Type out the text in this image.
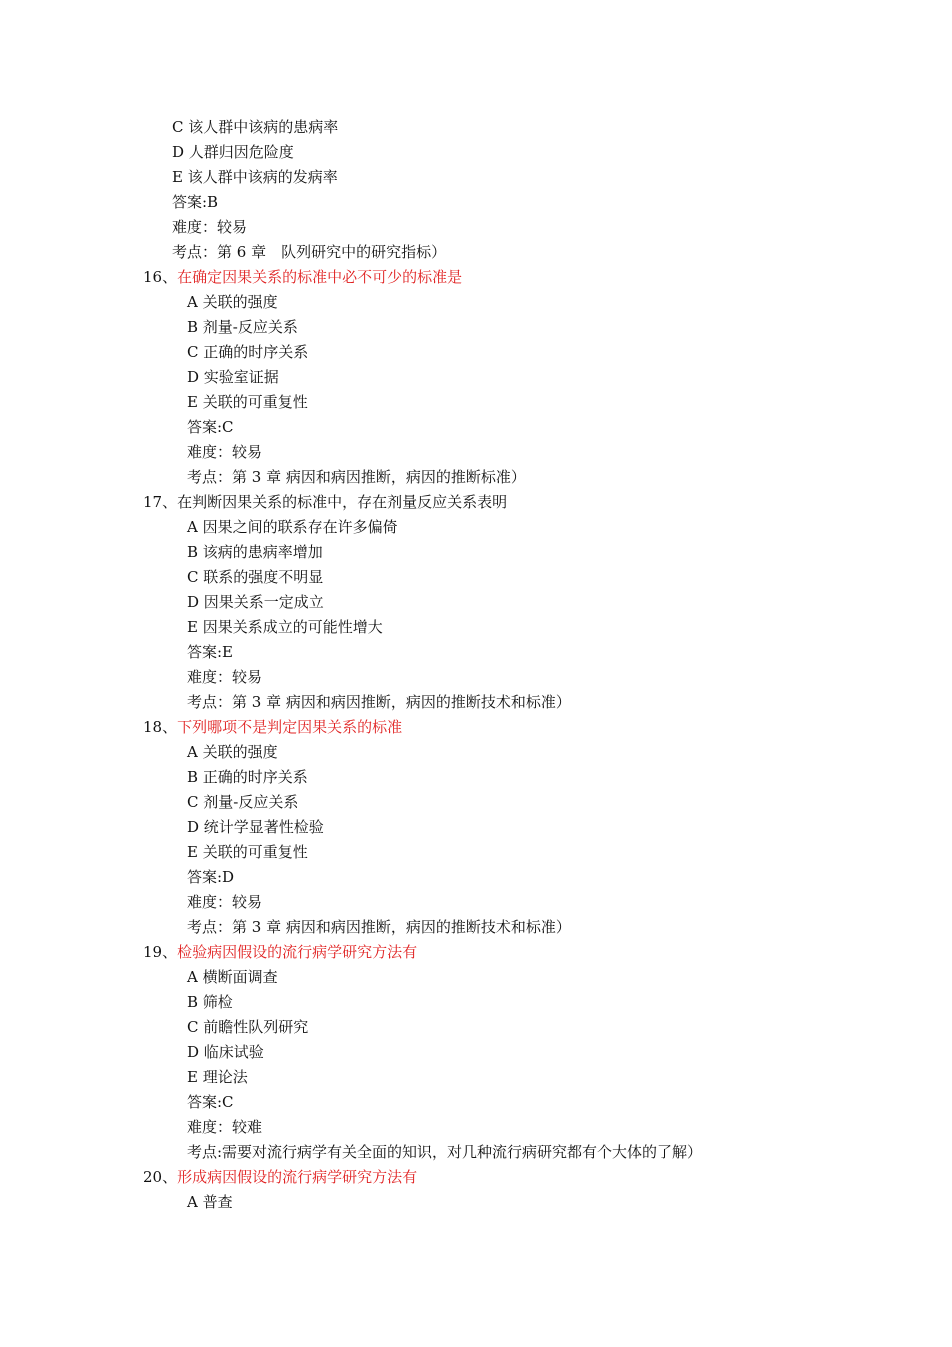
C 该人群中该病的患病率
D 人群归因危险度
E 该人群中该病的发病率
答案:B
难度：较易
考点：第 6 章　队列研究中的研究指标）
16、在确定因果关系的标准中必不可少的标准是
A 关联的强度
B 剂量-反应关系
C 正确的时序关系
D 实验室证据
E 关联的可重复性
答案:C
难度：较易
考点：第 3 章 病因和病因推断，病因的推断标准）
17、在判断因果关系的标准中，存在剂量反应关系表明
A 因果之间的联系存在许多偏倚
B 该病的患病率增加
C 联系的强度不明显
D 因果关系一定成立
E 因果关系成立的可能性增大
答案:E
难度：较易
考点：第 3 章 病因和病因推断，病因的推断技术和标准）
18、下列哪项不是判定因果关系的标准
A 关联的强度
B 正确的时序关系
C 剂量-反应关系
D 统计学显著性检验
E 关联的可重复性
答案:D
难度：较易
考点：第 3 章 病因和病因推断，病因的推断技术和标准）
19、检验病因假设的流行病学研究方法有
A 横断面调查
B 筛检
C 前瞻性队列研究
D 临床试验
E 理论法
答案:C
难度：较难
考点:需要对流行病学有关全面的知识，对几种流行病研究都有个大体的了解）
20、形成病因假设的流行病学研究方法有
A 普查
